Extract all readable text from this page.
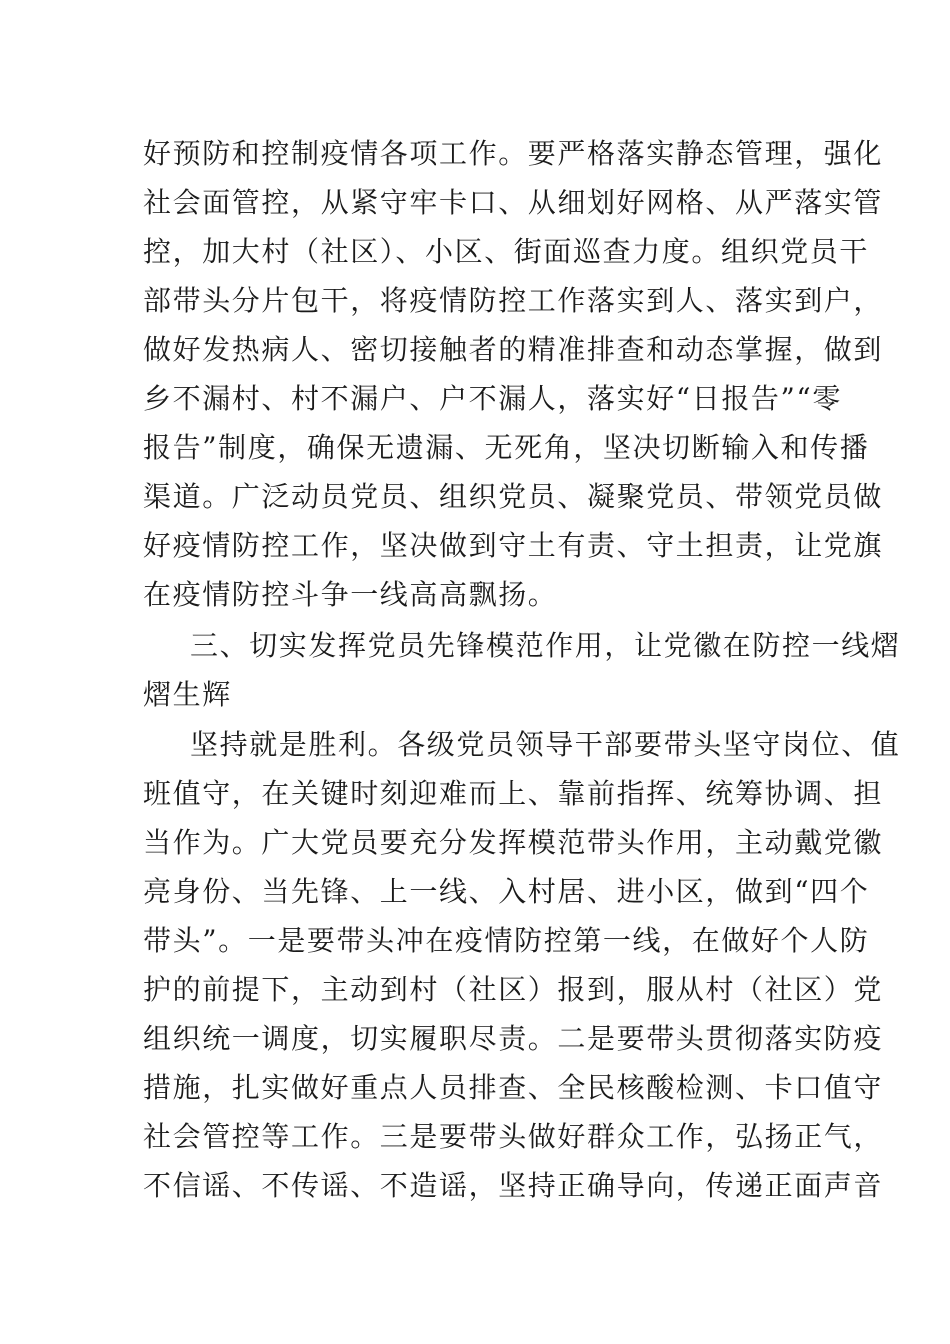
好预防和控制疫情各项工作。要严格落实静态管理，强化
社会面管控，从紧守牢卡口、从细划好网格、从严落实管
控，加大村（社区）、小区、街面巡查力度。组织党员干
部带头分片包干，将疫情防控工作落实到人、落实到户，
做好发热病人、密切接触者的精准排查和动态掌握，做到
乡不漏村、村不漏户、户不漏人，落实好“日报告”“零
报告”制度，确保无遗漏、无死角，坚决切断输入和传播
渠道。广泛动员党员、组织党员、凝聚党员、带领党员做
好疫情防控工作，坚决做到守土有责、守土担责，让党旗
在疫情防控斗争一线高高飘扬。
三、切实发挥党员先锋模范作用，让党徽在防控一线熠
熠生辉
坚持就是胜利。各级党员领导干部要带头坚守岗位、值
班值守，在关键时刻迎难而上、靠前指挥、统筹协调、担
当作为。广大党员要充分发挥模范带头作用，主动戴党徽
亮身份、当先锋、上一线、入村居、进小区，做到“四个
带头”。一是要带头冲在疫情防控第一线，在做好个人防
护的前提下，主动到村（社区）报到，服从村（社区）党
组织统一调度，切实履职尽责。二是要带头贯彻落实防疫
措施，扎实做好重点人员排查、全民核酸检测、卡口值守
社会管控等工作。三是要带头做好群众工作，弘扬正气，
不信谣、不传谣、不造谣，坚持正确导向，传递正面声音
